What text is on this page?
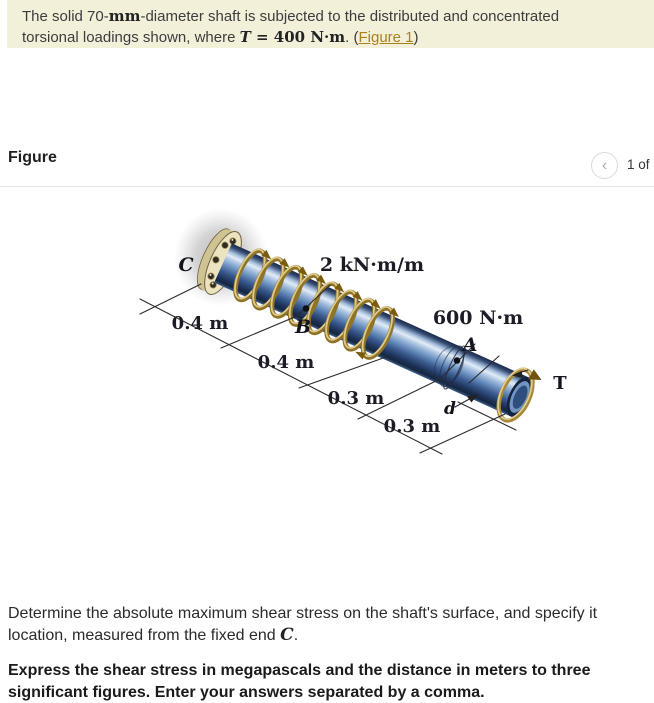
The solid 70-mm-diameter shaft is subjected to the distributed and concentrated
torsional loadings shown, where T = 400 N·m. (Figure 1)

Figure	‹	1 of
2 kN·m/m
600 N·m
0.4 m
0.4 m
0.3 m
0.3 m
C
B
A
d
T

Determine the absolute maximum shear stress on the shaft's surface, and specify it
location, measured from the fixed end C.

Express the shear stress in megapascals and the distance in meters to three
significant figures. Enter your answers separated by a comma.
